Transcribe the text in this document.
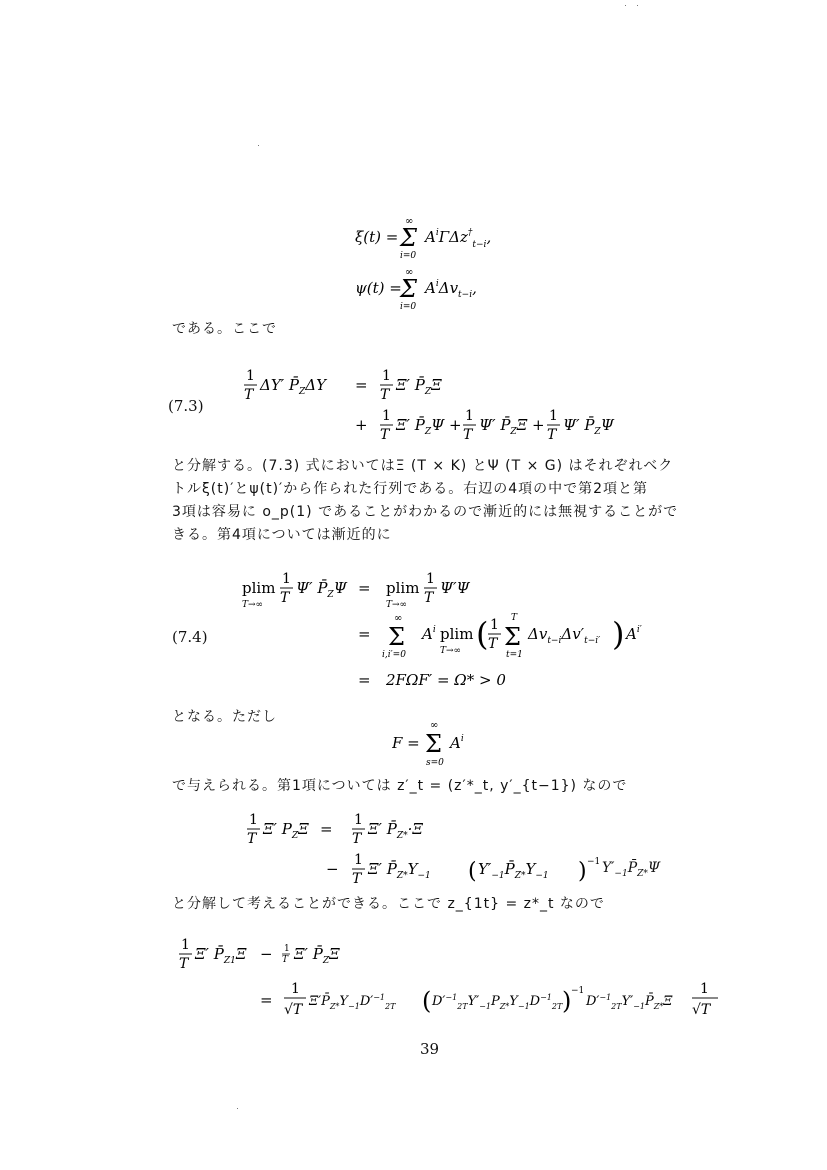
ξ(t) =
∞
Σ
i=0
$A^i\Gamma\Delta z^\dagger_{t-i}$,
ψ(t) =
∞
Σ
i=0
$A^i\Delta v_{t-i}$,
である。ここで
(7.3)
1
T
ΔY′ $P̄_Z\Delta Y = 1$
T
Ξ′ $P̄_Z\Xi$
+ 1
T
Ξ′ $P̄_Z\Psi + 1$
T
Ψ′ $P̄_Z\Xi + 1$
T
Ψ′ $P̄_Z\Psi$
と分解する。(7.3) 式においてはΞ (T × K) とΨ (T × G) はそれぞれベク
トルξ(t)′とψ(t)′から作られた行列である。右辺の4項の中で第2項と第
3項は容易に o_p(1) であることがわかるので漸近的には無視することがで
きる。第4項については漸近的に
(7.4)
plim
T→∞
1
T
Ψ′ $P̄_Z\Psi = plim$
T→∞
1
T
Ψ′Ψ
=
∞
Σ
i,i′=0
$A^i$ plim
T→∞ ( 1
T
T
Σ
t=1
$\Delta v_{t-i}\Delta v'_{t-i'}$ ) $A^{i'}$
= 2FΩF′ = Ω* > 0
となる。ただし
F =
∞
Σ
s=0
$A^i$
で与えられる。第1項については z′_t = (z′*_t, y′_{t−1}) なので
1
T
Ξ′ $P_Z\Xi = 1$
T
Ξ′ $P̄_{Z*}\cdot\Xi$
− 1
T
Ξ′ $P̄_{Z*}Y_{-1}$ ( $Y'_{-1}P̄_{Z*}Y_{-1}$ ) −1 $Y'_{-1}P̄_{Z*}\Psi$
と分解して考えることができる。ここで z_{1t} = z*_t なので
1
T
Ξ′ $P̄_{Z1}\Xi - 1$
T Ξ′ $P̄_Z\Xi$
=
1
√T
$\Xi'P̄_{Z*}Y_{-1}D'^{-1}_{2T}$ ( $D'^{-1}_{2T}Y'_{-1}P_{Z*}Y_{-1}D^{-1}_{2T}$ ) −1
$D'^{-1}_{2T}Y'_{-1}P̄_{Z*}\Xi$
1
√T
39
